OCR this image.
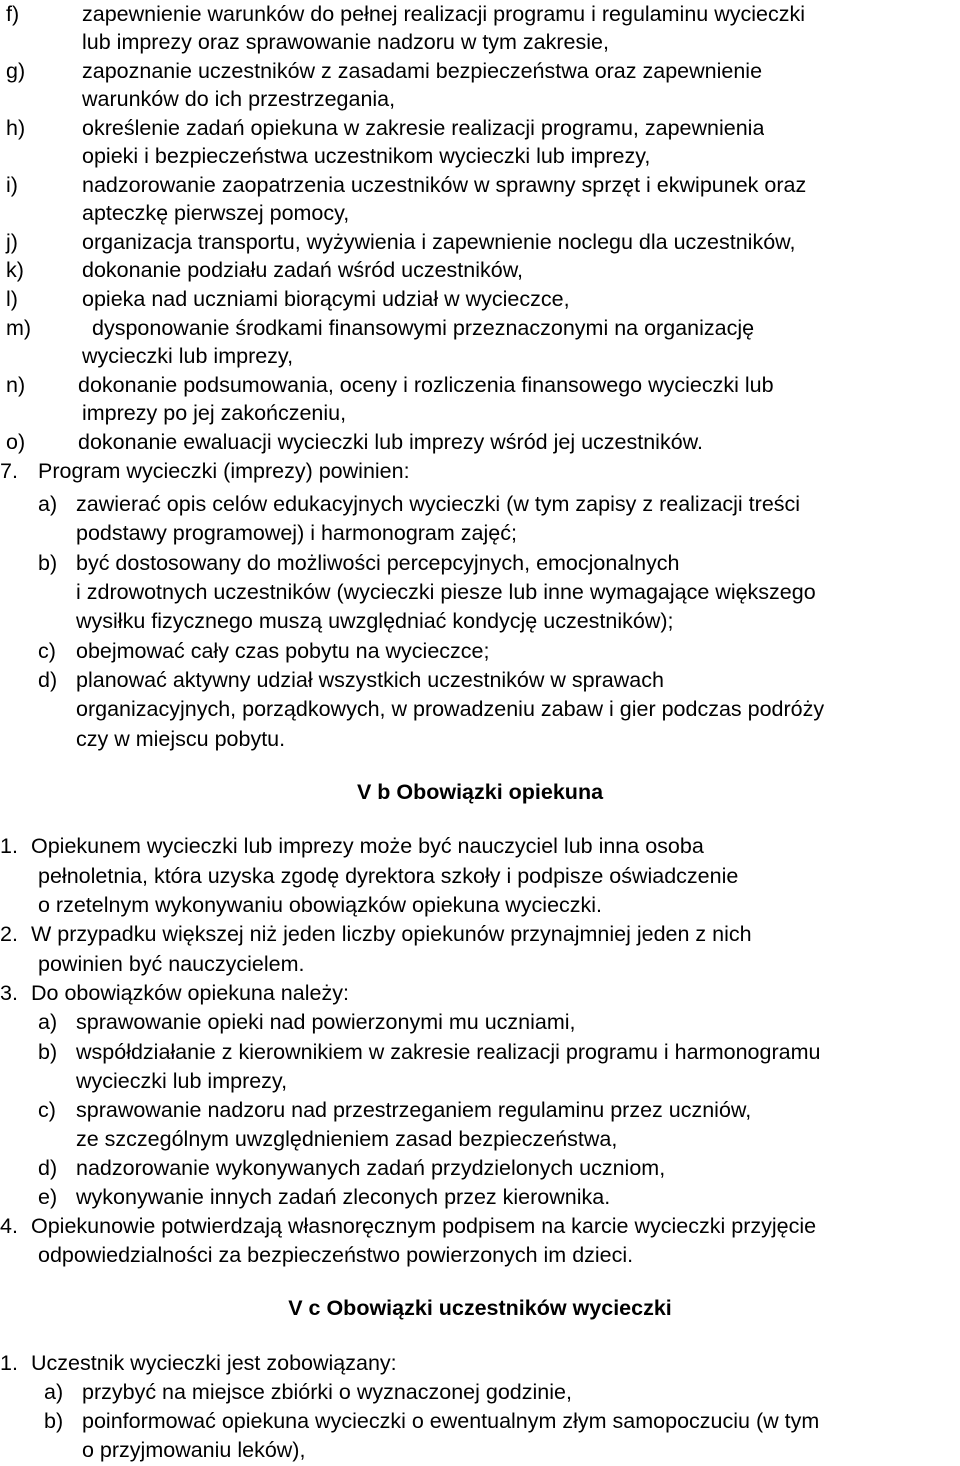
f)	zapewnienie warunków do pełnej realizacji programu i regulaminu wycieczki
lub imprezy oraz sprawowanie nadzoru w tym zakresie,
g)	zapoznanie uczestników z zasadami bezpieczeństwa oraz zapewnienie
warunków do ich przestrzegania,
h)	określenie zadań opiekuna w zakresie realizacji programu, zapewnienia
opieki i bezpieczeństwa uczestnikom wycieczki lub imprezy,
i)	nadzorowanie zaopatrzenia uczestników w sprawny sprzęt i ekwipunek oraz
apteczkę pierwszej pomocy,
j)	organizacja transportu, wyżywienia i zapewnienie noclegu dla uczestników,
k)	dokonanie podziału zadań wśród uczestników,
l)	opieka nad uczniami biorącymi udział w wycieczce,
m)	dysponowanie środkami finansowymi przeznaczonymi na organizację
wycieczki lub imprezy,
n)	dokonanie podsumowania, oceny i rozliczenia finansowego wycieczki lub
imprezy po jej zakończeniu,
o)	dokonanie ewaluacji wycieczki lub imprezy wśród jej uczestników.
7. Program wycieczki (imprezy) powinien:
a) zawierać opis celów edukacyjnych wycieczki (w tym zapisy z realizacji treści
podstawy programowej) i harmonogram zajęć;
b) być dostosowany do możliwości percepcyjnych, emocjonalnych
i zdrowotnych uczestników (wycieczki piesze lub inne wymagające większego
wysiłku fizycznego muszą uwzględniać kondycję uczestników);
c) obejmować cały czas pobytu na wycieczce;
d) planować aktywny udział wszystkich uczestników w sprawach
organizacyjnych, porządkowych, w prowadzeniu zabaw i gier podczas podróży
czy w miejscu pobytu.
V b Obowiązki opiekuna
1. Opiekunem wycieczki lub imprezy może być nauczyciel lub inna osoba
pełnoletnia, która uzyska zgodę dyrektora szkoły i podpisze oświadczenie
o rzetelnym wykonywaniu obowiązków opiekuna wycieczki.
2. W przypadku większej niż jeden liczby opiekunów przynajmniej jeden z nich
powinien być nauczycielem.
3. Do obowiązków opiekuna należy:
a) sprawowanie opieki nad powierzonymi mu uczniami,
b) współdziałanie z kierownikiem w zakresie realizacji programu i harmonogramu
wycieczki lub imprezy,
c) sprawowanie nadzoru nad przestrzeganiem regulaminu przez uczniów,
ze szczególnym uwzględnieniem zasad bezpieczeństwa,
d) nadzorowanie wykonywanych zadań przydzielonych uczniom,
e) wykonywanie innych zadań zleconych przez kierownika.
4. Opiekunowie potwierdzają własnoręcznym podpisem na karcie wycieczki przyjęcie
odpowiedzialności za bezpieczeństwo powierzonych im dzieci.
V c Obowiązki uczestników wycieczki
1. Uczestnik wycieczki jest zobowiązany:
a) przybyć na miejsce zbiórki o wyznaczonej godzinie,
b) poinformować opiekuna wycieczki o ewentualnym złym samopoczuciu (w tym
o przyjmowaniu leków),
